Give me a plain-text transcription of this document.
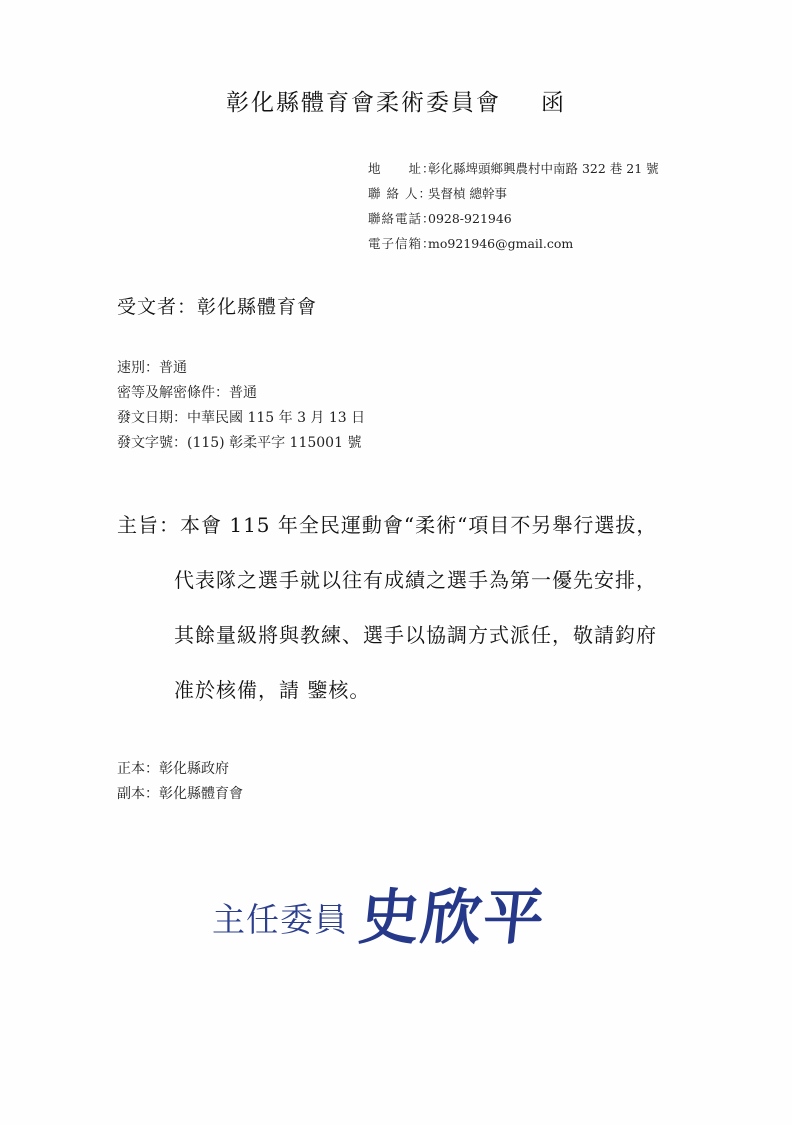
彰化縣體育會柔術委員會 函
地　　址：彰化縣埤頭鄉興農村中南路 322 巷 21 號
聯 絡 人：吳督楨 總幹事
聯絡電話：0928-921946
電子信箱：mo921946@gmail.com
受文者：彰化縣體育會
速別：普通
密等及解密條件：普通
發文日期：中華民國 115 年 3 月 13 日
發文字號：(115) 彰柔平字 115001 號
主旨：本會 115 年全民運動會“柔術“項目不另舉行選拔，
代表隊之選手就以往有成績之選手為第一優先安排，
其餘量級將與教練、選手以協調方式派任，敬請鈞府
准於核備，請 鑒核。
正本：彰化縣政府
副本：彰化縣體育會
主任委員 史欣平
